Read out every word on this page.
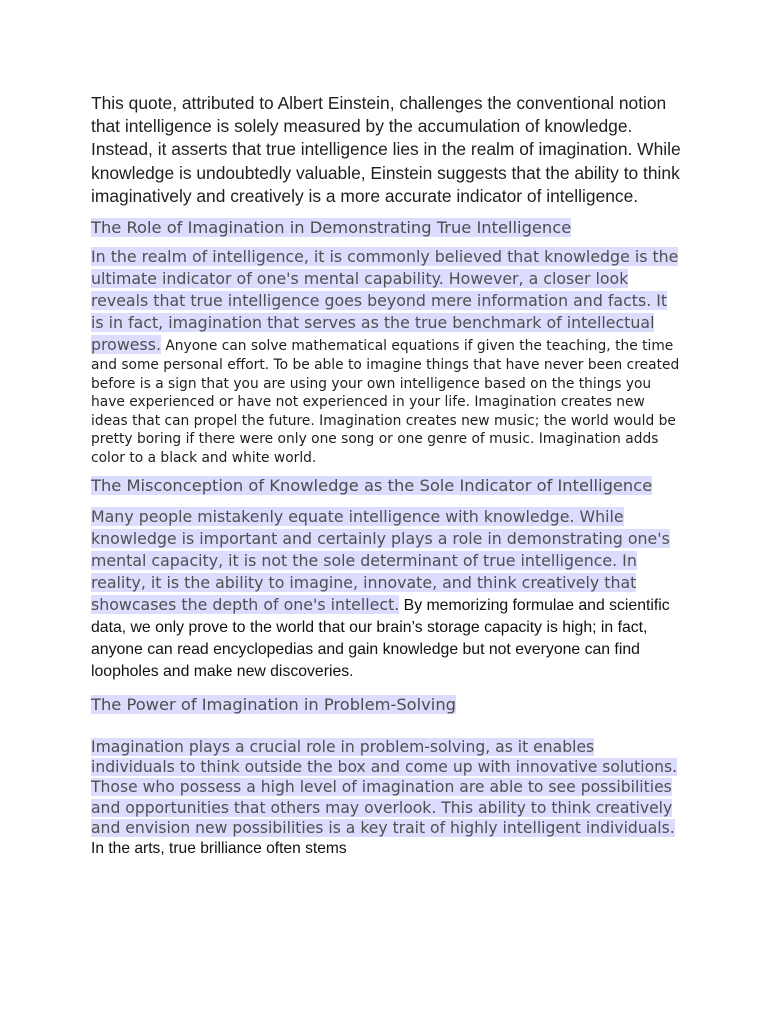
This quote, attributed to Albert Einstein, challenges the conventional notion that intelligence is solely measured by the accumulation of knowledge. Instead, it asserts that true intelligence lies in the realm of imagination. While knowledge is undoubtedly valuable, Einstein suggests that the ability to think imaginatively and creatively is a more accurate indicator of intelligence.

The Role of Imagination in Demonstrating True Intelligence

In the realm of intelligence, it is commonly believed that knowledge is the ultimate indicator of one's mental capability. However, a closer look reveals that true intelligence goes beyond mere information and facts. It is in fact, imagination that serves as the true benchmark of intellectual prowess. Anyone can solve mathematical equations if given the teaching, the time and some personal effort. To be able to imagine things that have never been created before is a sign that you are using your own intelligence based on the things you have experienced or have not experienced in your life. Imagination creates new ideas that can propel the future. Imagination creates new music; the world would be pretty boring if there were only one song or one genre of music. Imagination adds color to a black and white world.

The Misconception of Knowledge as the Sole Indicator of Intelligence

Many people mistakenly equate intelligence with knowledge. While knowledge is important and certainly plays a role in demonstrating one's mental capacity, it is not the sole determinant of true intelligence. In reality, it is the ability to imagine, innovate, and think creatively that showcases the depth of one's intellect. By memorizing formulae and scientific data, we only prove to the world that our brain’s storage capacity is high; in fact, anyone can read encyclopedias and gain knowledge but not everyone can find loopholes and make new discoveries.

The Power of Imagination in Problem-Solving

Imagination plays a crucial role in problem-solving, as it enables individuals to think outside the box and come up with innovative solutions. Those who possess a high level of imagination are able to see possibilities and opportunities that others may overlook. This ability to think creatively and envision new possibilities is a key trait of highly intelligent individuals. In the arts, true brilliance often stems
